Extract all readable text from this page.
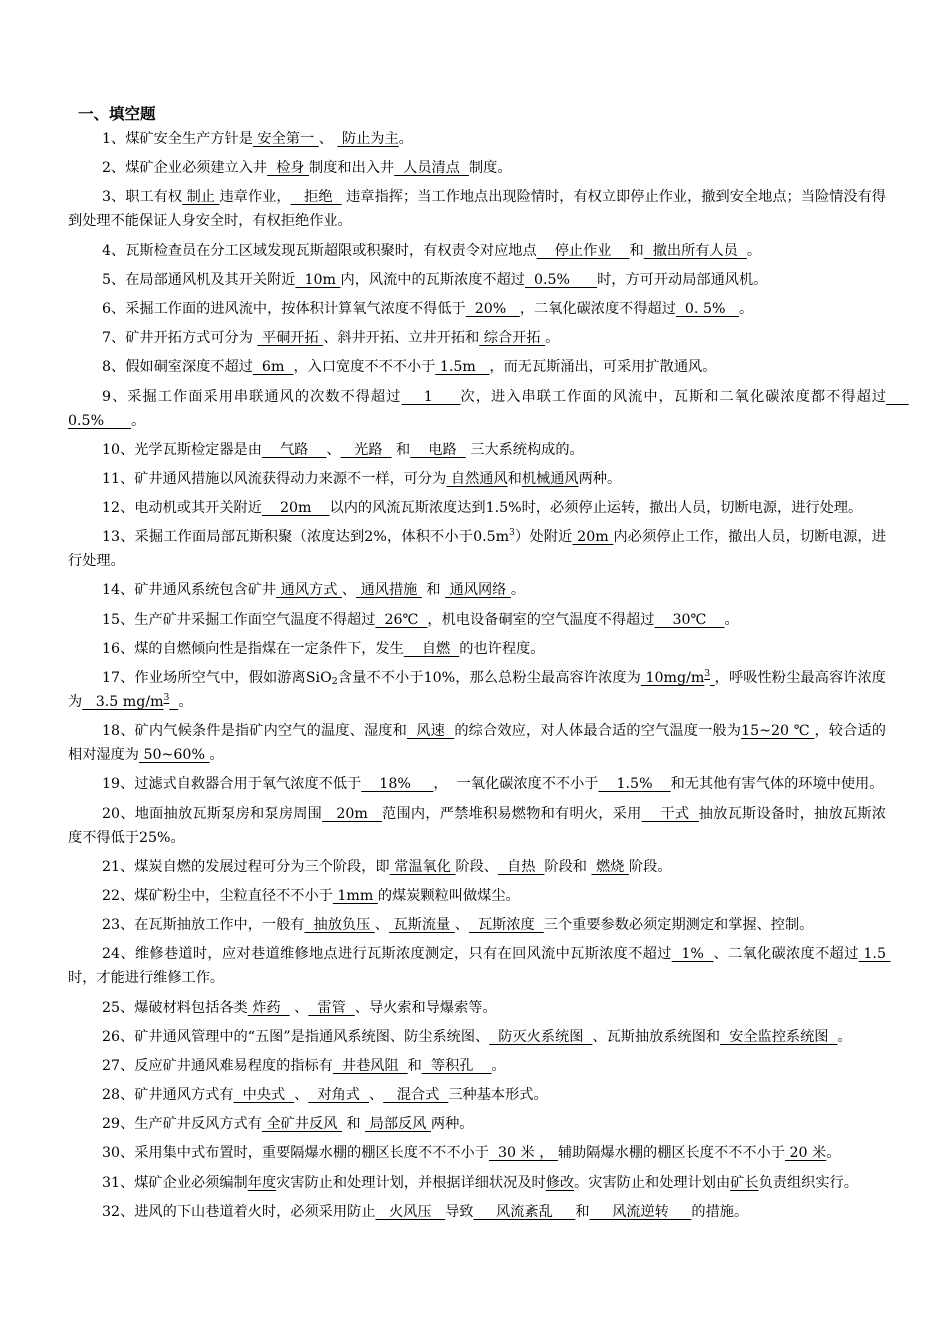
一、填空题
1、煤矿安全生产方针是 安全第一 、  防止为主。
2、煤矿企业必须建立入井  检身 制度和出入井  人员清点  制度。
3、职工有权 制止 违章作业，   拒绝   违章指挥；当工作地点出现险情时，有权立即停止作业，撤到安全地点；当险情没有得到处理不能保证人身安全时，有权拒绝作业。
4、瓦斯检查员在分工区域发现瓦斯超限或积聚时，有权责令对应地点    停止作业    和  撤出所有人员  。
5、在局部通风机及其开关附近  10m 内，风流中的瓦斯浓度不超过  0.5%      时，方可开动局部通风机。
6、采掘工作面的进风流中，按体积计算氧气浓度不得低于  20%   ，二氧化碳浓度不得超过  0. 5%   。
7、矿井开拓方式可分为  平硐开拓 、斜井开拓、立井开拓和 综合开拓 。
8、假如硐室深度不超过  6m  ，入口宽度不不不小于 1.5m   ，而无瓦斯涌出，可采用扩散通风。
9、采掘工作面采用串联通风的次数不得超过    1     次，进入串联工作面的风流中，瓦斯和二氧化碳浓度都不得超过     0.5%      。
10、光学瓦斯检定器是由    气路    、   光路   和    电路   三大系统构成的。
11、矿井通风措施以风流获得动力来源不一样，可分为 自然通风和机械通风两种。
12、电动机或其开关附近    20m    以内的风流瓦斯浓度达到1.5%时，必须停止运转，撤出人员，切断电源，进行处理。
13、采掘工作面局部瓦斯积聚（浓度达到2%，体积不小于$0.5m^3$）处附近 20m 内必须停止工作，撤出人员，切断电源，进行处理。
14、矿井通风系统包含矿井 通风方式 、 通风措施  和  通风网络 。
15、生产矿井采掘工作面空气温度不得超过  26℃  ，机电设备硐室的空气温度不得超过    30℃    。
16、煤的自燃倾向性是指煤在一定条件下，发生    自燃  的也许程度。
17、作业场所空气中，假如游离SiO$_2$含量不不小于10%，那么总粉尘最高容许浓度为 $10mg/m^3$ ，呼吸性粉尘最高容许浓度为   3.5 $mg/m^3$ 。
18、矿内气候条件是指矿内空气的温度、湿度和  风速  的综合效应，对人体最合适的空气温度一般为15~20 ℃ ，较合适的相对湿度为 50~60% 。
19、过滤式自救器合用于氧气浓度不低于    18%     ，  一氧化碳浓度不不小于    1.5%    和无其他有害气体的环境中使用。
20、地面抽放瓦斯泵房和泵房周围   20m   范围内，严禁堆积易燃物和有明火，采用    干式  抽放瓦斯设备时，抽放瓦斯浓度不得低于25%。
21、煤炭自燃的发展过程可分为三个阶段，即 常温氧化 阶段、  自热  阶段和  燃烧 阶段。
22、煤矿粉尘中，尘粒直径不不小于 1mm 的煤炭颗粒叫做煤尘。
23、在瓦斯抽放工作中，一般有  抽放负压 、 瓦斯流量 、  瓦斯浓度  三个重要参数必须定期测定和掌握、控制。
24、维修巷道时，应对巷道维修地点进行瓦斯浓度测定，只有在回风流中瓦斯浓度不超过  1%  、二氧化碳浓度不超过 1.5 时，才能进行维修工作。
25、爆破材料包括各类 炸药   、  雷管  、导火索和导爆索等。
26、矿井通风管理中的“五图”是指通风系统图、防尘系统图、  防灭火系统图  、瓦斯抽放系统图和  安全监控系统图  。
27、反应矿井通风难易程度的指标有  井巷风阻  和  等积孔    。
28、矿井通风方式有  中央式  、  对角式  、   混合式  三种基本形式。
29、生产矿井反风方式有 全矿井反风  和  局部反风 两种。
30、采用集中式布置时，重要隔爆水棚的棚区长度不不不小于  30 米 ， 辅助隔爆水棚的棚区长度不不不小于 20 米。
31、煤矿企业必须编制年度灾害防止和处理计划，并根据详细状况及时修改。灾害防止和处理计划由矿长负责组织实行。
32、进风的下山巷道着火时，必须采用防止   火风压   导致     风流紊乱     和     风流逆转     的措施。
